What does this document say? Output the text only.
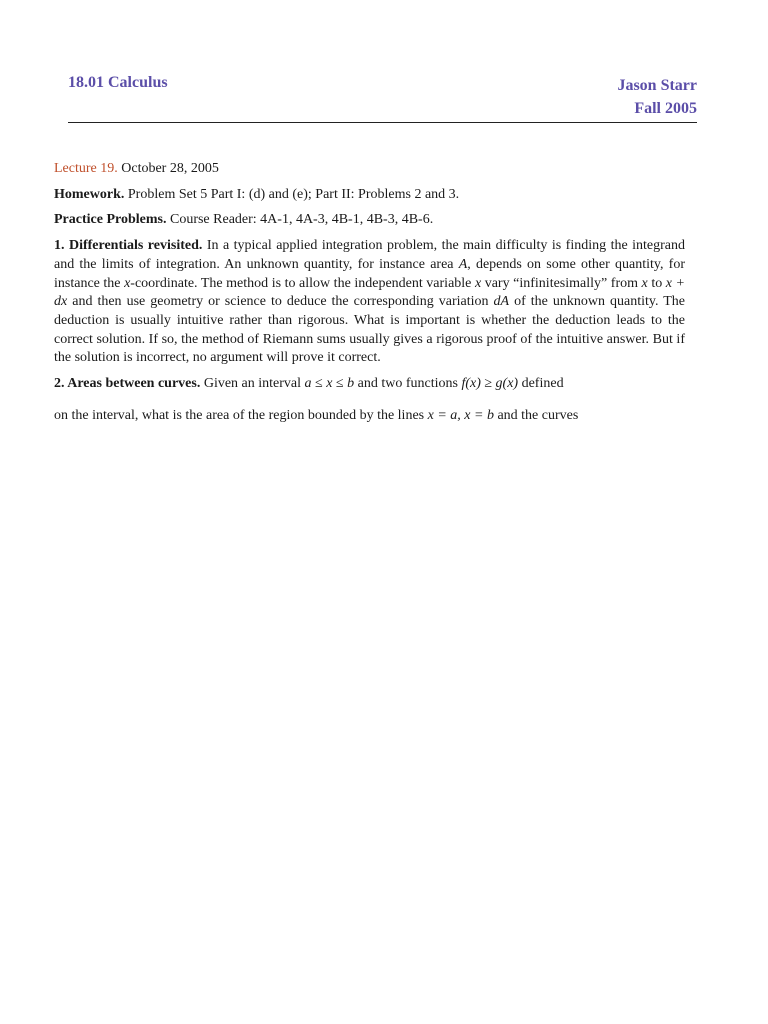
18.01 Calculus	Jason Starr
Fall 2005

Lecture 19. October 28, 2005

Homework. Problem Set 5 Part I: (d) and (e); Part II: Problems 2 and 3.

Practice Problems. Course Reader: 4A-1, 4A-3, 4B-1, 4B-3, 4B-6.

1. Differentials revisited. In a typical applied integration problem, the main difficulty is finding the integrand and the limits of integration. An unknown quantity, for instance area A, depends on some other quantity, for instance the x-coordinate. The method is to allow the independent variable x vary “infinitesimally” from x to x + dx and then use geometry or science to deduce the corresponding variation dA of the unknown quantity. The deduction is usually intuitive rather than rigorous. What is important is whether the deduction leads to the correct solution. If so, the method of Riemann sums usually gives a rigorous proof of the intuitive answer. But if the solution is incorrect, no argument will prove it correct.

2. Areas between curves. Given an interval a ≤ x ≤ b and two functions f(x) ≥ g(x) defined

on the interval, what is the area of the region bounded by the lines x = a, x = b and the curves
